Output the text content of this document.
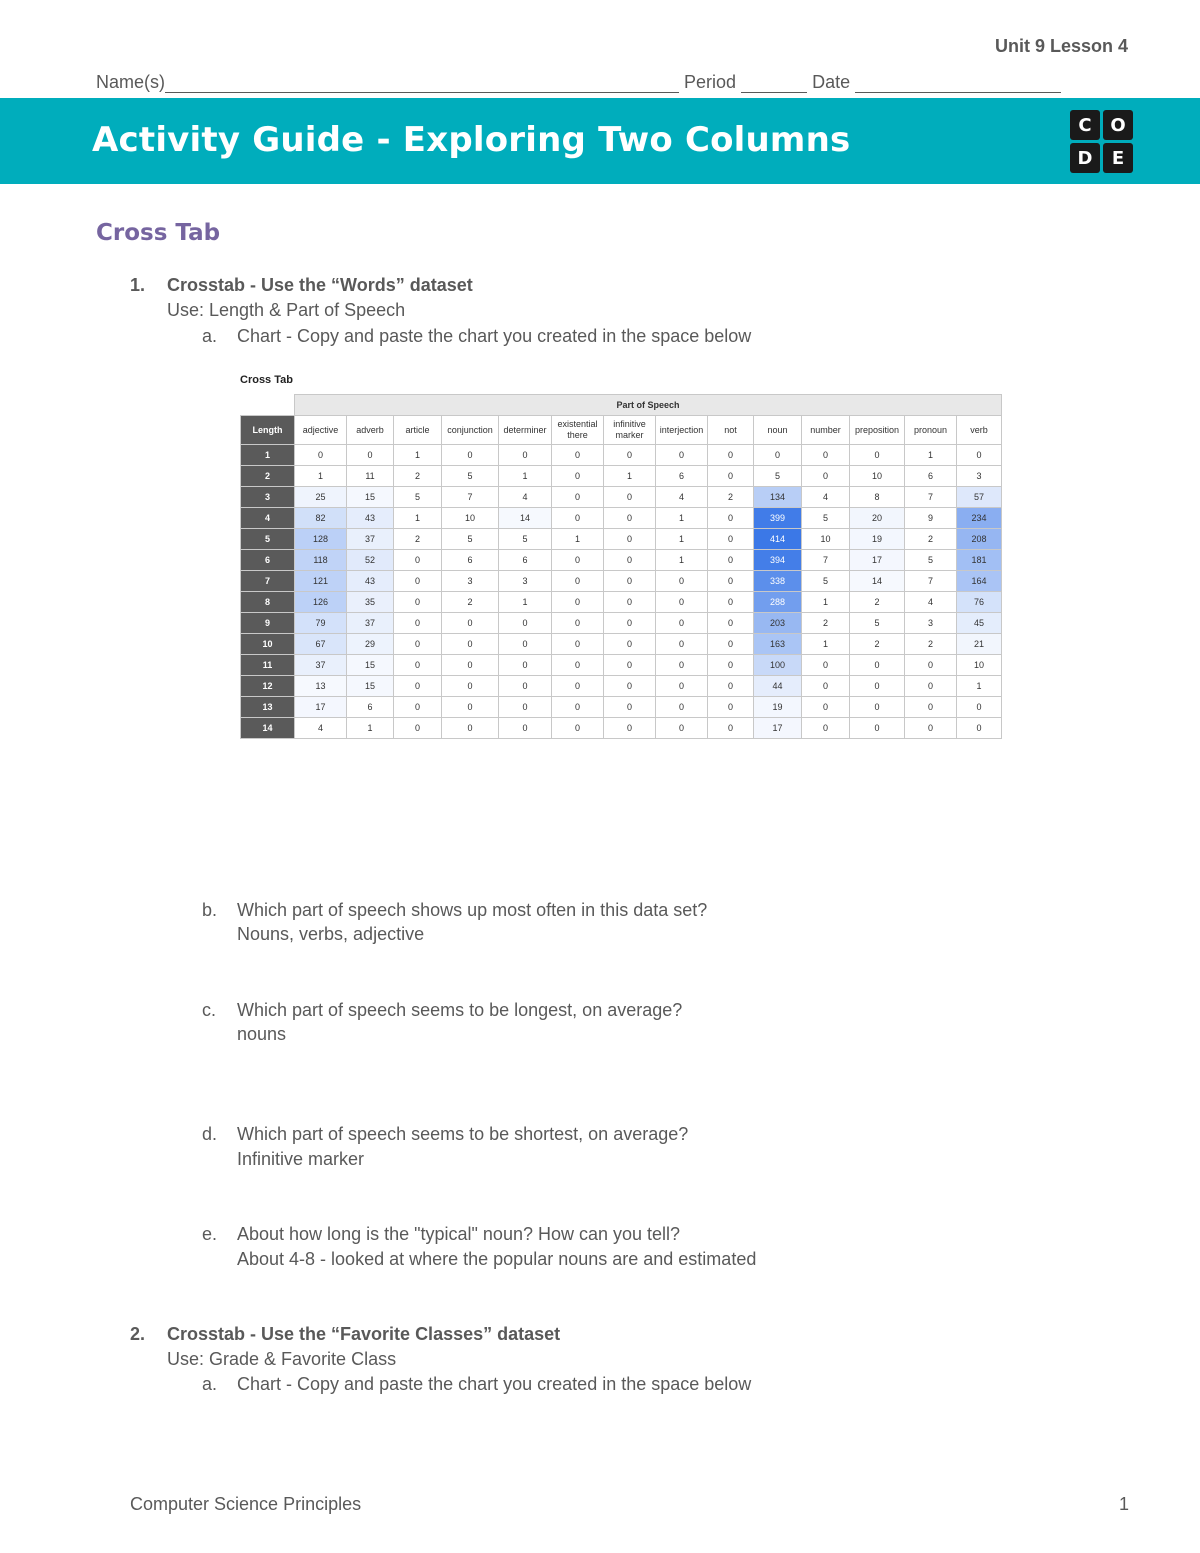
Unit 9 Lesson 4
Name(s)	Period	Date
Activity Guide - Exploring Two Columns	C	O
D	E
Cross Tab
1. Crosstab - Use the “Words” dataset
Use: Length & Part of Speech
a. Chart - Copy and paste the chart you created in the space below
Cross Tab
	Part of Speech													
Length	adjective	adverb	article	conjunction	determiner	existential there	infinitive marker	interjection	not	noun	number	preposition	pronoun	verb
1	0	0	1	0	0	0	0	0	0	0	0	0	1	0
2	1	11	2	5	1	0	1	6	0	5	0	10	6	3
3	25	15	5	7	4	0	0	4	2	134	4	8	7	57
4	82	43	1	10	14	0	0	1	0	399	5	20	9	234
5	128	37	2	5	5	1	0	1	0	414	10	19	2	208
6	118	52	0	6	6	0	0	1	0	394	7	17	5	181
7	121	43	0	3	3	0	0	0	0	338	5	14	7	164
8	126	35	0	2	1	0	0	0	0	288	1	2	4	76
9	79	37	0	0	0	0	0	0	0	203	2	5	3	45
10	67	29	0	0	0	0	0	0	0	163	1	2	2	21
11	37	15	0	0	0	0	0	0	0	100	0	0	0	10
12	13	15	0	0	0	0	0	0	0	44	0	0	0	1
13	17	6	0	0	0	0	0	0	0	19	0	0	0	0
14	4	1	0	0	0	0	0	0	0	17	0	0	0	0
b. Which part of speech shows up most often in this data set?
Nouns, verbs, adjective
c. Which part of speech seems to be longest, on average?
nouns
d. Which part of speech seems to be shortest, on average?
Infinitive marker
e. About how long is the "typical" noun? How can you tell?
About 4-8 - looked at where the popular nouns are and estimated
2. Crosstab - Use the “Favorite Classes” dataset
Use: Grade & Favorite Class
a. Chart - Copy and paste the chart you created in the space below
Computer Science Principles	1
